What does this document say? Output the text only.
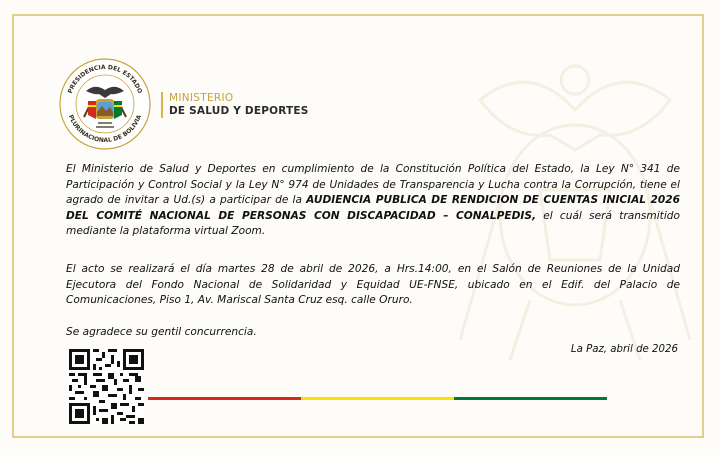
PRESIDENCIA DEL ESTADO
PLURINACIONAL DE BOLIVIA
MINISTERIO
DE SALUD Y DEPORTES

El Ministerio de Salud y Deportes en cumplimiento de la Constitución Política del Estado, la Ley N° 341 de Participación y Control Social y la Ley N° 974 de Unidades de Transparencia y Lucha contra la Corrupción, tiene el agrado de invitar a Ud.(s) a participar de la AUDIENCIA PUBLICA DE RENDICION DE CUENTAS INICIAL 2026 DEL COMITÉ NACIONAL DE PERSONAS CON DISCAPACIDAD – CONALPEDIS, el cuál será transmitido mediante la plataforma virtual Zoom.

El acto se realizará el día martes 28 de abril de 2026, a Hrs.14:00, en el Salón de Reuniones de la Unidad Ejecutora del Fondo Nacional de Solidaridad y Equidad UE-FNSE, ubicado en el Edif. del Palacio de Comunicaciones, Piso 1, Av. Mariscal Santa Cruz esq. calle Oruro.

Se agradece su gentil concurrencia.

La Paz, abril de 2026
